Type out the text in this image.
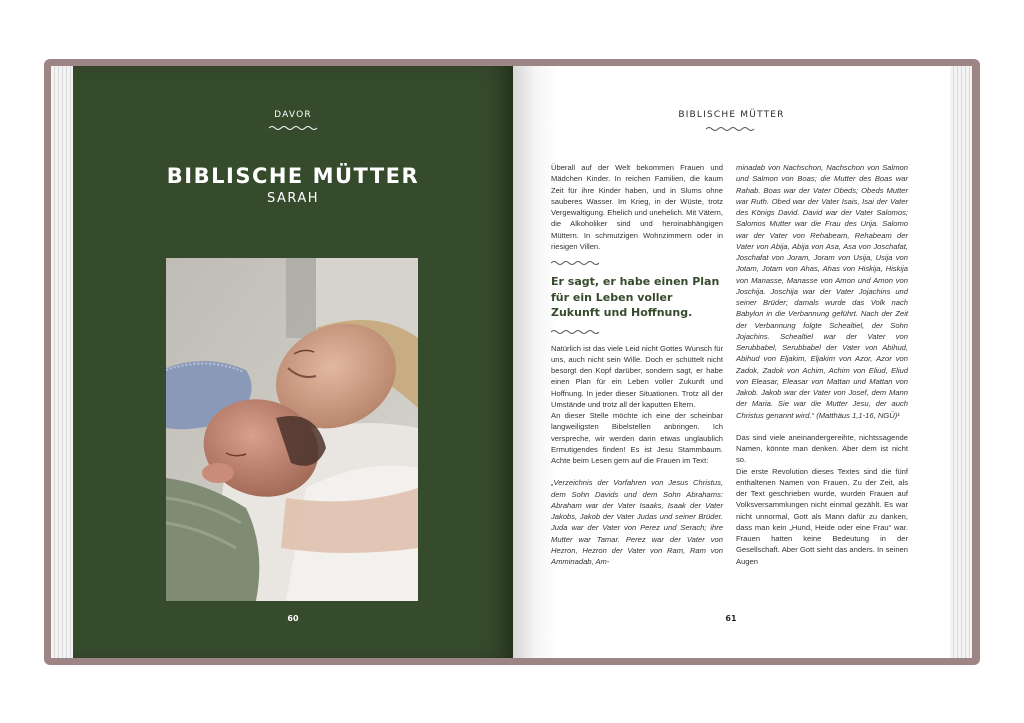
DAVOR
BIBLISCHE MÜTTER
SARAH
60
BIBLISCHE MÜTTER

Überall auf der Welt bekommen Frauen und Mädchen Kinder. In reichen Familien, die kaum Zeit für ihre Kinder haben, und in Slums ohne sauberes Wasser. Im Krieg, in der Wüste, trotz Vergewaltigung. Ehelich und unehelich. Mit Vätern, die Alkoholiker sind und heroinabhängigen Müttern. In schmutzigen Wohnzimmern oder in riesigen Villen.

Er sagt, er habe einen Plan für ein Leben voller Zukunft und Hoffnung.

Natürlich ist das viele Leid nicht Gottes Wunsch für uns, auch nicht sein Wille. Doch er schüttelt nicht besorgt den Kopf darüber, sondern sagt, er habe einen Plan für ein Leben voller Zukunft und Hoffnung. In jeder dieser Situationen. Trotz all der Umstände und trotz all der kaputten Eltern.

An dieser Stelle möchte ich eine der scheinbar langweiligsten Bibelstellen anbringen. Ich verspreche, wir werden darin etwas unglaublich Ermutigendes finden! Es ist Jesu Stammbaum. Achte beim Lesen gern auf die Frauen im Text:

„Verzeichnis der Vorfahren von Jesus Christus, dem Sohn Davids und dem Sohn Abrahams: Abraham war der Vater Isaaks, Isaak der Vater Jakobs, Jakob der Vater Judas und seiner Brüder. Juda war der Vater von Perez und Serach; ihre Mutter war Tamar. Perez war der Vater von Hezron, Hezron der Vater von Ram, Ram von Amminadab, Am-

minadab von Nachschon, Nachschon von Salmon und Salmon von Boas; die Mutter des Boas war Rahab. Boas war der Vater Obeds; Obeds Mutter war Ruth. Obed war der Vater Isais, Isai der Vater des Königs David. David war der Vater Salomos; Salomos Mutter war die Frau des Urija. Salomo war der Vater von Rehabeam, Rehabeam der Vater von Abija, Abija von Asa, Asa von Joschafat, Joschafat von Joram, Joram von Usija, Usija von Jotam, Jotam von Ahas, Ahas von Hiskija, Hiskija von Manasse, Manasse von Amon und Amon von Joschija. Joschija war der Vater Jojachins und seiner Brüder; damals wurde das Volk nach Babylon in die Verbannung geführt. Nach der Zeit der Verbannung folgte Schealtiel, der Sohn Jojachins. Schealtiel war der Vater von Serubbabel, Serubbabel der Vater von Abihud, Abihud von Eljakim, Eljakim von Azor, Azor von Zadok, Zadok von Achim, Achim von Eliud, Eliud von Eleasar, Eleasar von Mattan und Mattan von Jakob. Jakob war der Vater von Josef, dem Mann der Maria. Sie war die Mutter Jesu, der auch Christus genannt wird.“ (Matthäus 1,1-16, NGÜ)¹

Das sind viele aneinandergereihte, nichtssagende Namen, könnte man denken. Aber dem ist nicht so.

Die erste Revolution dieses Textes sind die fünf enthaltenen Namen von Frauen. Zu der Zeit, als der Text geschrieben wurde, wurden Frauen auf Volksversammlungen nicht einmal gezählt. Es war nicht unnormal, Gott als Mann dafür zu danken, dass man kein „Hund, Heide oder eine Frau“ war. Frauen hatten keine Bedeutung in der Gesellschaft. Aber Gott sieht das anders. In seinen Augen

61
